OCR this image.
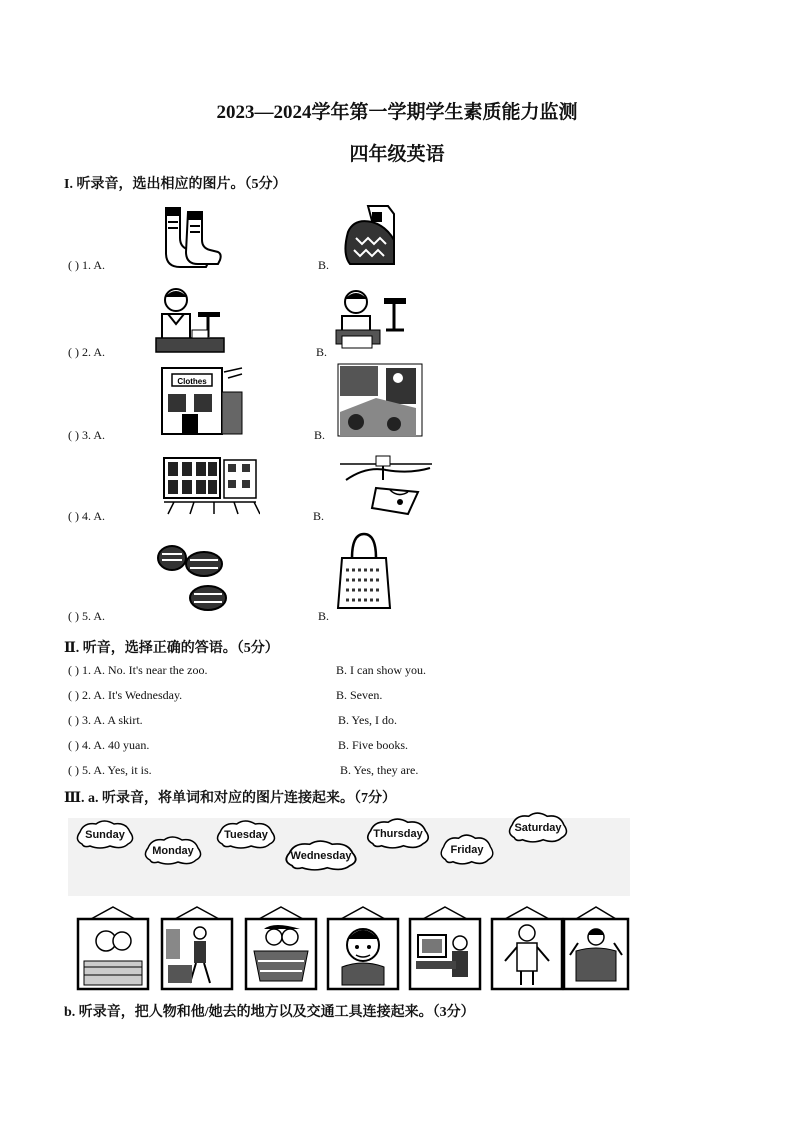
2023—2024学年第一学期学生素质能力监测
四年级英语
I. 听录音，选出相应的图片。（5分）
( ) 1. A.	B.
( ) 2. A.	B.
( ) 3. A.
Clothes
B.
( ) 4. A.	B.
( ) 5. A.	B.
Ⅱ. 听音，选择正确的答语。（5分）
( ) 1. A. No. It's near the zoo.	B. I can show you.
( ) 2. A. It's Wednesday.	B. Seven.
( ) 3. A. A skirt.	B. Yes, I do.
( ) 4. A. 40 yuan.	B. Five books.
( ) 5. A. Yes, it is.	B. Yes, they are.
Ⅲ. a. 听录音，将单词和对应的图片连接起来。（7分）
Sunday
Monday
Tuesday
Wednesday
Thursday
Friday
Saturday
b. 听录音，把人物和他/她去的地方以及交通工具连接起来。（3分）
